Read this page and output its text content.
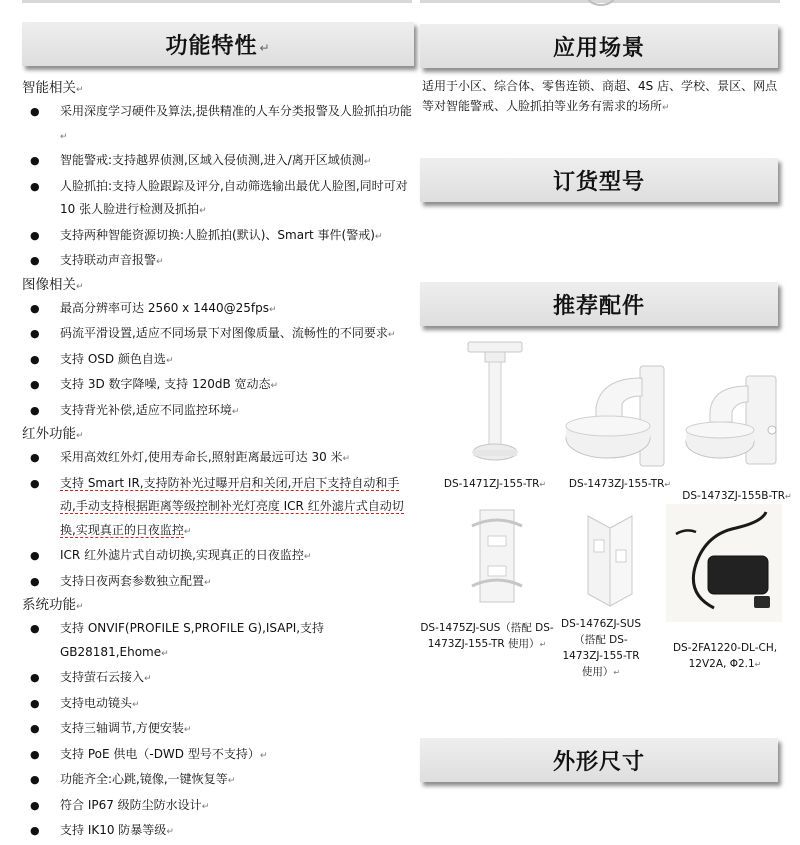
功能特性 ↵	应用场景
订货型号
推荐配件
外形尺寸

智能相关↵

● 采用深度学习硬件及算法,提供精准的人车分类报警及人脸抓拍功能↵
● 智能警戒:支持越界侦测,区域入侵侦测,进入/离开区域侦测↵
● 人脸抓拍:支持人脸跟踪及评分,自动筛选输出最优人脸图,同时可对 10 张人脸进行检测及抓拍↵
● 支持两种智能资源切换:人脸抓拍(默认)、Smart 事件(警戒)↵
● 支持联动声音报警↵

图像相关↵

● 最高分辨率可达 2560 x 1440@25fps↵
● 码流平滑设置,适应不同场景下对图像质量、流畅性的不同要求↵
● 支持 OSD 颜色自选↵
● 支持 3D 数字降噪, 支持 120dB 宽动态↵
● 支持背光补偿,适应不同监控环境↵

红外功能↵

● 采用高效红外灯,使用寿命长,照射距离最远可达 30 米↵
● 支持 Smart IR,支持防补光过曝开启和关闭,开启下支持自动和手动,手动支持根据距离等级控制补光灯亮度 ICR 红外滤片式自动切换,实现真正的日夜监控↵
● ICR 红外滤片式自动切换,实现真正的日夜监控↵
● 支持日夜两套参数独立配置↵

系统功能↵

● 支持 ONVIF(PROFILE S,PROFILE G),ISAPI,支持 GB28181,Ehome↵
● 支持萤石云接入↵
● 支持电动镜头↵
● 支持三轴调节,方便安装↵
● 支持 PoE 供电（-DWD 型号不支持）↵
● 功能齐全:心跳,镜像,一键恢复等↵
● 符合 IP67 级防尘防水设计↵
● 支持 IK10 防暴等级↵
适用于小区、综合体、零售连锁、商超、4S 店、学校、景区、网点等对智能警戒、人脸抓拍等业务有需求的场所↵
DS-1471ZJ-155-TR↵	DS-1473ZJ-155-TR↵
DS-1473ZJ-155B-TR↵
DS-1475ZJ-SUS（搭配 DS-1473ZJ-155-TR 使用）↵
DS-1476ZJ-SUS（搭配 DS-1473ZJ-155-TR 使用）↵
DS-2FA1220-DL-CH, 12V2A, Φ2.1↵
